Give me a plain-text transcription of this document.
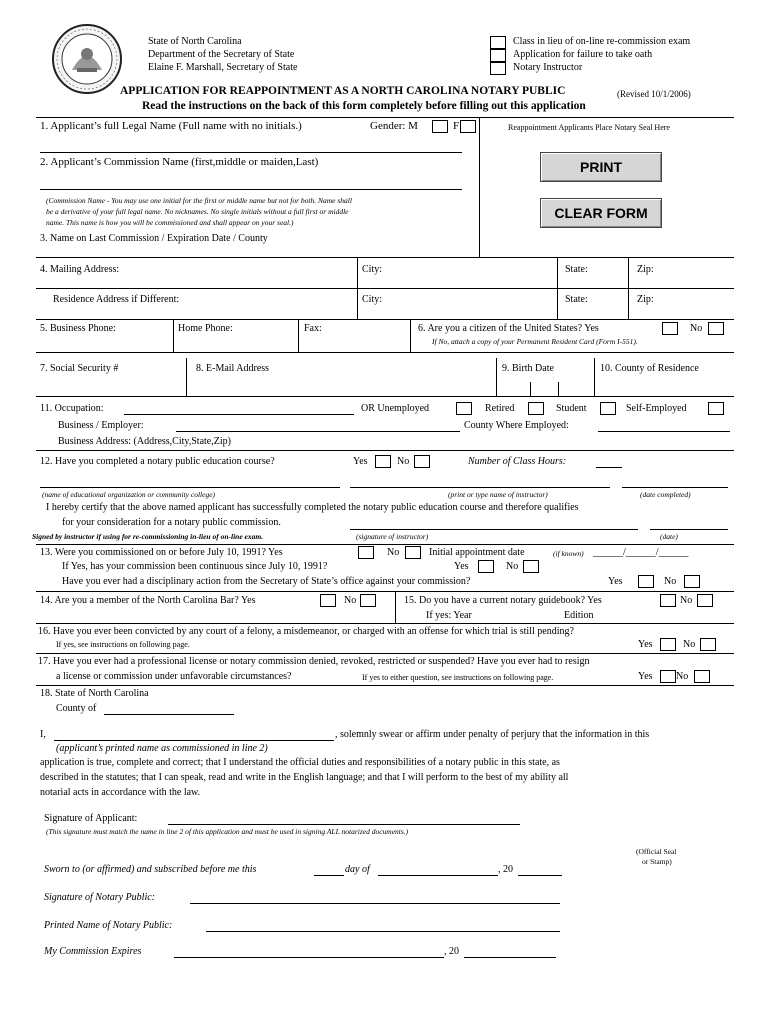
State of North Carolina
Department of the Secretary of State
Elaine F. Marshall, Secretary of State
Class in lieu of on-line re-commission exam
Application for failure to take oath
Notary Instructor
APPLICATION FOR REAPPOINTMENT AS A NORTH CAROLINA NOTARY PUBLIC	(Revised 10/1/2006)
Read the instructions on the back of this form completely before filling out this application
1. Applicant’s full Legal Name (Full name with no initials.)	Gender: M	F	Reappointment Applicants Place Notary Seal Here
PRINT
CLEAR FORM
2. Applicant’s Commission Name (first,middle or maiden,Last)
(Commission Name - You may use one initial for the first or middle name but not for both. Name shall
be a derivative of your full legal name. No nicknames. No single initials without a full first or middle
name. This name is how you will be commissioned and shall appear on your seal.)
3. Name on Last Commission / Expiration Date / County
4. Mailing Address:	City:	State:	Zip:
Residence Address if Different:	City:	State:	Zip:
5. Business Phone:	Home Phone:	Fax:	6. Are you a citizen of the United States? Yes	No
If No, attach a copy of your Permanent Resident Card (Form I-551).
7. Social Security #	8. E-Mail Address	9. Birth Date	10. County of Residence
11. Occupation:	OR Unemployed	Retired	Student	Self-Employed
Business / Employer:	County Where Employed:
Business Address: (Address,City,State,Zip)
12. Have you completed a notary public education course?	Yes	No	Number of Class Hours:
(name of educational organization or community college)	(print or type name of instructor)	(date completed)
I hereby certify that the above named applicant has successfully completed the notary public education course and therefore qualifies
for your consideration for a notary public commission.
Signed by instructor if using for re-commissioning in-lieu of on-line exam.	(signature of instructor)	(date)
13. Were you commissioned on or before July 10, 1991? Yes	No	Initial appointment date	(if known) ______/______/______
If Yes, has your commission been continuous since July 10, 1991?	Yes	No
Have you ever had a disciplinary action from the Secretary of State’s office against your commission?	Yes	No
14. Are you a member of the North Carolina Bar? Yes	No	15. Do you have a current notary guidebook? Yes	No
If yes: Year	Edition
16. Have you ever been convicted by any court of a felony, a misdemeanor, or charged with an offense for which trial is still pending?
If yes, see instructions on following page.	Yes	No
17. Have you ever had a professional license or notary commission denied, revoked, restricted or suspended? Have you ever had to resign
a license or commission under unfavorable circumstances?	If yes to either question, see instructions on following page.	Yes No
18. State of North Carolina
County of
I,	, solemnly swear or affirm under penalty of perjury that the information in this
(applicant’s printed name as commissioned in line 2)
application is true, complete and correct; that I understand the official duties and responsibilities of a notary public in this state, as
described in the statutes; that I can speak, read and write in the English language; and that I will perform to the best of my ability all
notarial acts in accordance with the law.
Signature of Applicant:
(This signature must match the name in line 2 of this application and must be used in signing ALL notarized documents.)
(Official Seal
or Stamp)
Sworn to (or affirmed) and subscribed before me this	day of	, 20
Signature of Notary Public:
Printed Name of Notary Public:
My Commission Expires	, 20
